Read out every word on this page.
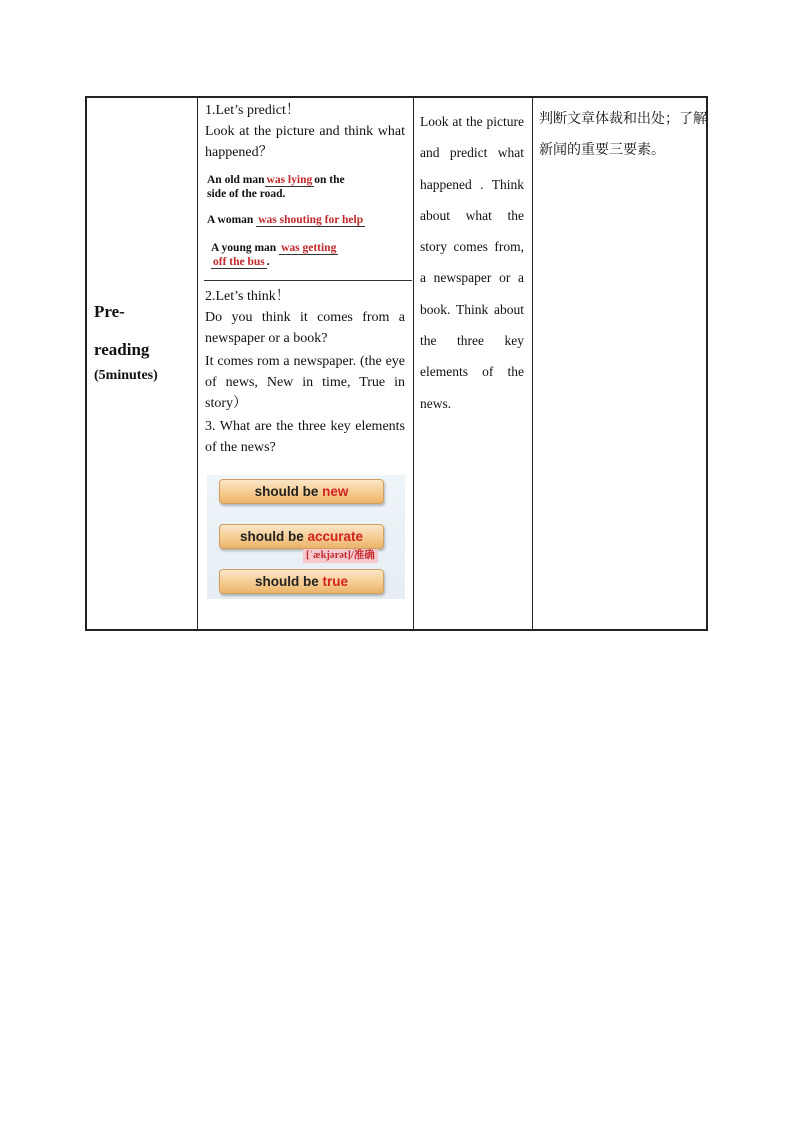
Pre-
reading
(5minutes)
1.Let’s predict！
Look at the picture and think what happened？
An old man was lying on the
side of the road.
A woman was shouting for help
A young man was getting
off the bus .
2.Let’s think！
Do you think it comes from a newspaper or a book?
It comes rom a newspaper. (the eye of news, New in time, True in story）
3. What are the three key elements of the news?
should be new
should be accurate
[ˈækjərət]/准确
should be true
Look at the picture and predict what happened . Think about what the story comes from, a newspaper or a book. Think about the three key elements of the news.
判断文章体裁和出处；了解新闻的重要三要素。
